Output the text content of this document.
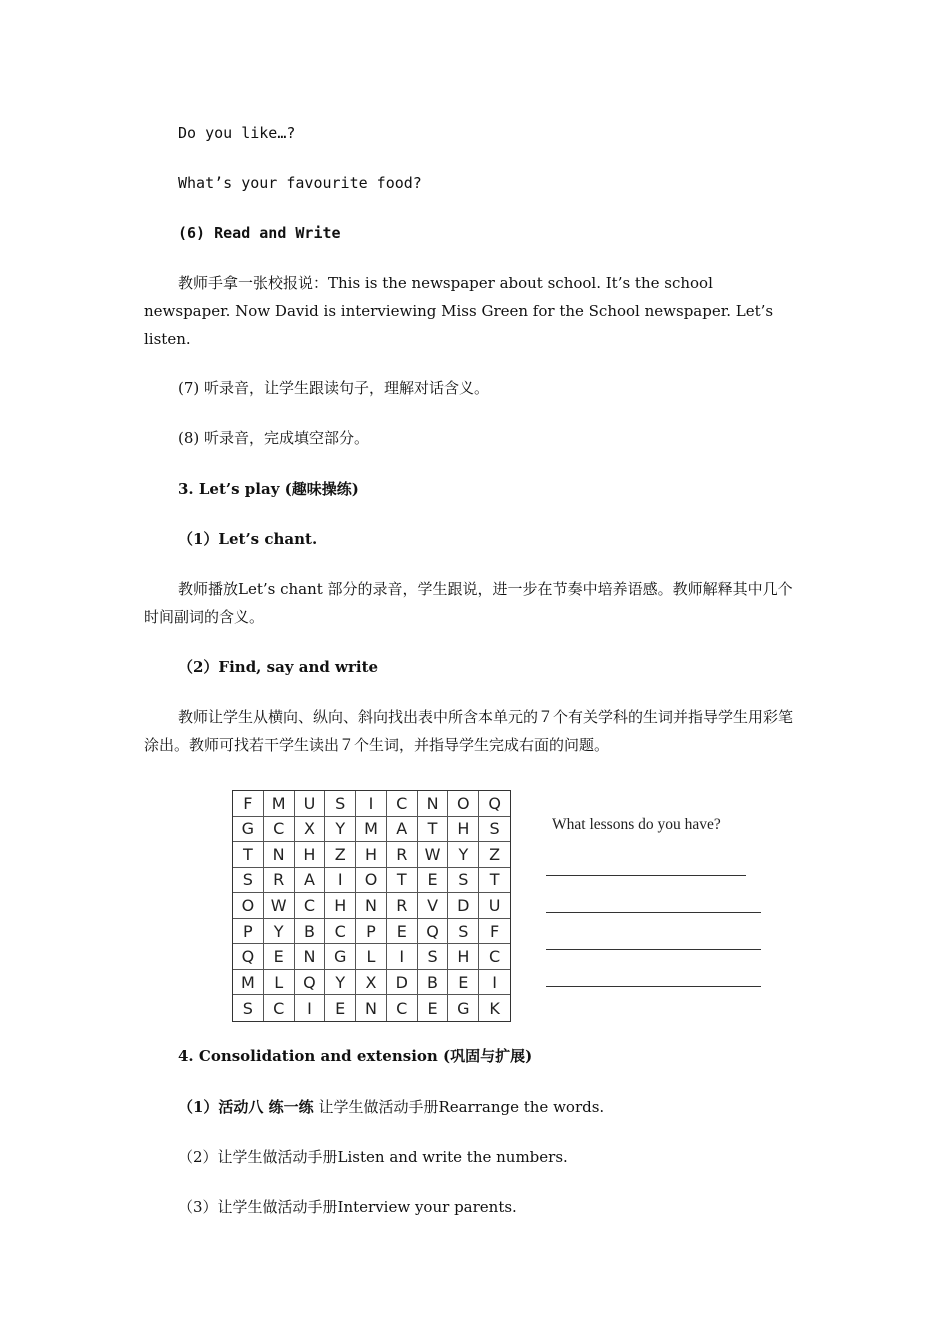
Do you like…?
What’s your favourite food?
(6) Read and Write
教师手拿一张校报说：This is the newspaper about school. It’s the school newspaper. Now David is interviewing Miss Green for the School newspaper. Let’s listen.
(7) 听录音，让学生跟读句子，理解对话含义。
(8) 听录音，完成填空部分。
3. Let’s play (趣味操练)
（1）Let’s chant.
教师播放Let’s chant 部分的录音，学生跟说，进一步在节奏中培养语感。教师解释其中几个时间副词的含义。
（2）Find, say and write
教师让学生从横向、纵向、斜向找出表中所含本单元的７个有关学科的生词并指导学生用彩笔涂出。教师可找若干学生读出７个生词，并指导学生完成右面的问题。
F	M	U	S	I	C	N	O	Q
G	C	X	Y	M	A	T	H	S
T	N	H	Z	H	R	W	Y	Z
S	R	A	I	O	T	E	S	T
O	W	C	H	N	R	V	D	U
P	Y	B	C	P	E	Q	S	F
Q	E	N	G	L	I	S	H	C
M	L	Q	Y	X	D	B	E	I
S	C	I	E	N	C	E	G	K
What lessons do you have?
4. Consolidation and extension (巩固与扩展)
（1）活动八 练一练 让学生做活动手册Rearrange the words.
（2）让学生做活动手册Listen and write the numbers.
（3）让学生做活动手册Interview your parents.
